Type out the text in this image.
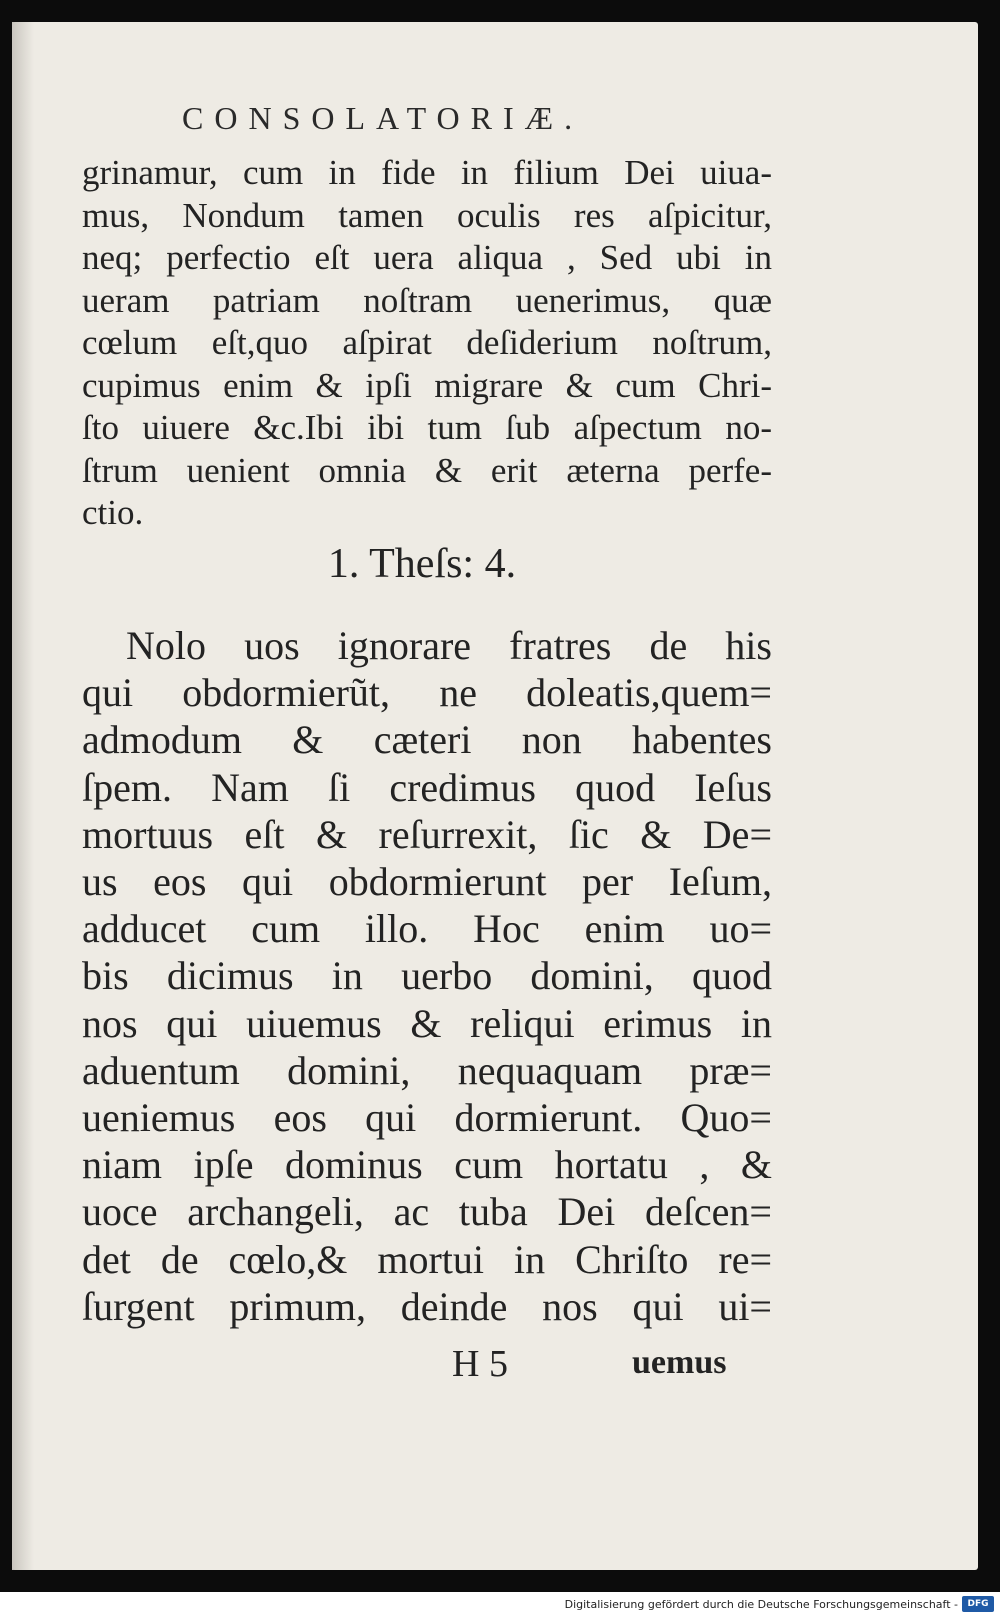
CONSOLATORIÆ.
grinamur, cum in fide in filium Dei uiua-
mus, Nondum tamen oculis res aſpicitur,
neq; perfectio eſt uera aliqua , Sed ubi in
ueram patriam noſtram uenerimus, quæ
cœlum eſt,quo aſpirat deſiderium noſtrum,
cupimus enim & ipſi migrare & cum Chri-
ſto uiuere &c.Ibi ibi tum ſub aſpectum no-
ſtrum uenient omnia & erit æterna perfe-
ctio.
1. Theſs: 4.
Nolo uos ignorare fratres de his
qui obdormierũt, ne doleatis,quem=
admodum & cæteri non habentes
ſpem. Nam ſi credimus quod Ieſus
mortuus eſt & reſurrexit, ſic & De=
us eos qui obdormierunt per Ieſum,
adducet cum illo. Hoc enim uo=
bis dicimus in uerbo domini, quod
nos qui uiuemus & reliqui erimus in
aduentum domini, nequaquam præ=
ueniemus eos qui dormierunt. Quo=
niam ipſe dominus cum hortatu , &
uoce archangeli, ac tuba Dei deſcen=
det de cœlo,& mortui in Chriſto re=
ſurgent primum, deinde nos qui ui=
H 5	uemus
Digitalisierung gefördert durch die Deutsche Forschungsgemeinschaft -	DFG
